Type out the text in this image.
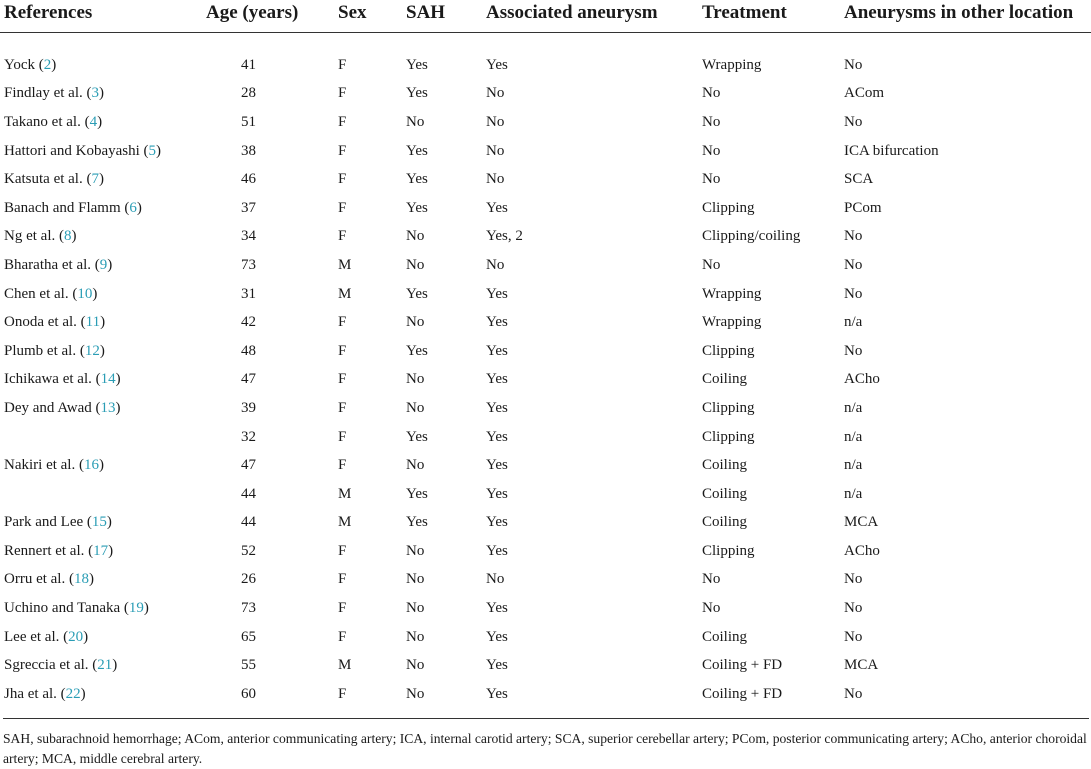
References	Age (years)	Sex	SAH	Associated aneurysm	Treatment	Aneurysms in other location
Yock (2)	41	F	Yes	Yes	Wrapping	No
Findlay et al. (3)	28	F	Yes	No	No	ACom
Takano et al. (4)	51	F	No	No	No	No
Hattori and Kobayashi (5)	38	F	Yes	No	No	ICA bifurcation
Katsuta et al. (7)	46	F	Yes	No	No	SCA
Banach and Flamm (6)	37	F	Yes	Yes	Clipping	PCom
Ng et al. (8)	34	F	No	Yes, 2	Clipping/coiling	No
Bharatha et al. (9)	73	M	No	No	No	No
Chen et al. (10)	31	M	Yes	Yes	Wrapping	No
Onoda et al. (11)	42	F	No	Yes	Wrapping	n/a
Plumb et al. (12)	48	F	Yes	Yes	Clipping	No
Ichikawa et al. (14)	47	F	No	Yes	Coiling	ACho
Dey and Awad (13)	39	F	No	Yes	Clipping	n/a
	32	F	Yes	Yes	Clipping	n/a
Nakiri et al. (16)	47	F	No	Yes	Coiling	n/a
	44	M	Yes	Yes	Coiling	n/a
Park and Lee (15)	44	M	Yes	Yes	Coiling	MCA
Rennert et al. (17)	52	F	No	Yes	Clipping	ACho
Orru et al. (18)	26	F	No	No	No	No
Uchino and Tanaka (19)	73	F	No	Yes	No	No
Lee et al. (20)	65	F	No	Yes	Coiling	No
Sgreccia et al. (21)	55	M	No	Yes	Coiling + FD	MCA
Jha et al. (22)	60	F	No	Yes	Coiling + FD	No
SAH, subarachnoid hemorrhage; ACom, anterior communicating artery; ICA, internal carotid artery; SCA, superior cerebellar artery; PCom, posterior communicating artery; ACho, anterior choroidal artery; MCA, middle cerebral artery.
